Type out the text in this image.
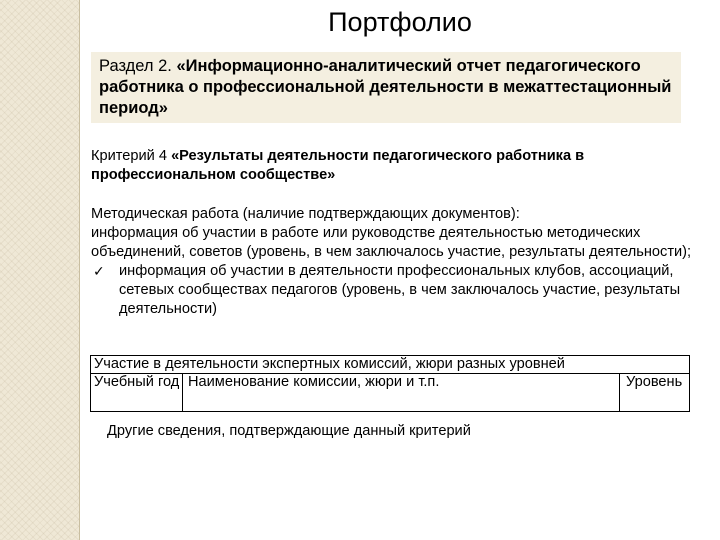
Портфолио
Раздел 2. «Информационно-аналитический отчет педагогического работника о профессиональной деятельности в межаттестационный период»
Критерий 4 «Результаты деятельности педагогического работника в профессиональном сообществе»
Методическая работа (наличие подтверждающих документов):
информация об участии в работе или руководстве деятельностью методических объединений, советов (уровень, в чем заключалось участие, результаты деятельности);
✓ информация об участии в деятельности профессиональных клубов, ассоциаций, сетевых сообществах педагогов (уровень, в чем заключалось участие, результаты деятельности)
Участие в деятельности экспертных комиссий, жюри разных уровней
Учебный год Наименование комиссии, жюри и т.п.	Уровень
Другие сведения, подтверждающие данный критерий
